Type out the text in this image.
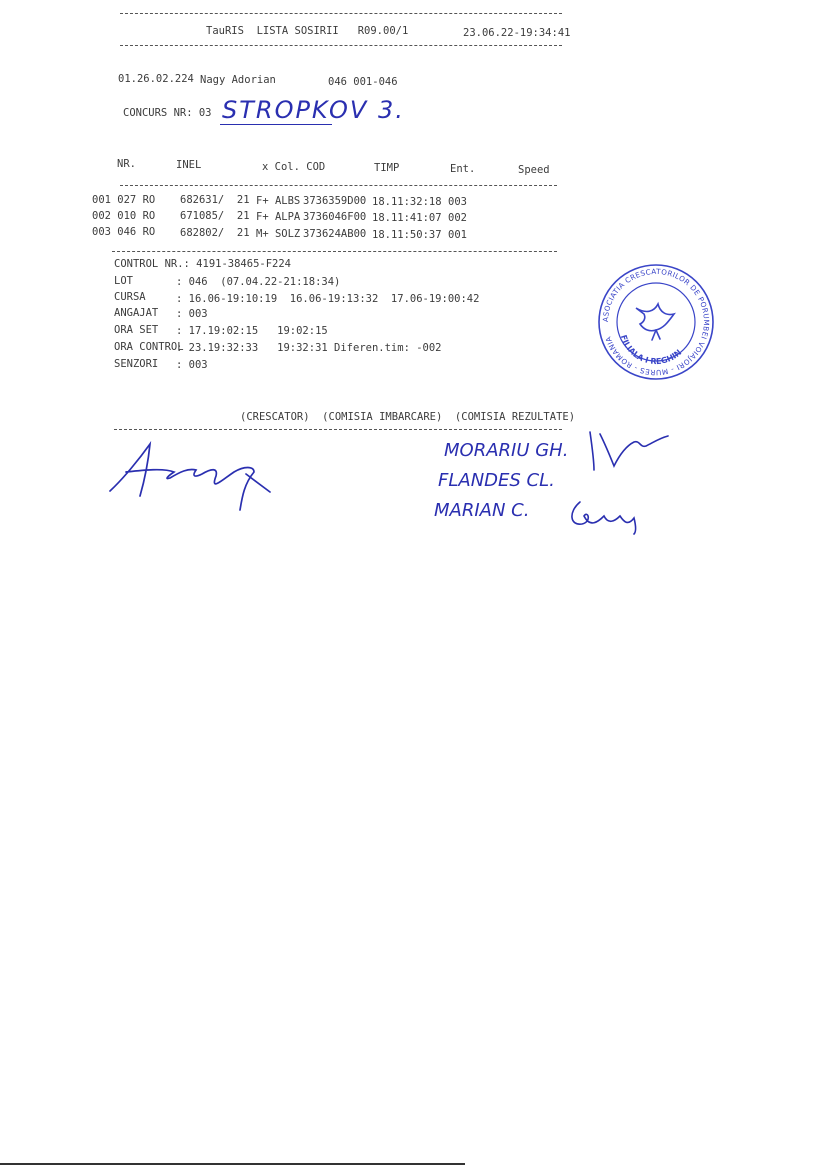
TauRIS  LISTA SOSIRII   R09.00/1	23.06.22-19:34:41
01.26.02.224 Nagy Adorian	046 001-046
CONCURS NR: 03 STROPKOV 3.
NR.	INEL	x Col. COD	TIMP	Ent.	Speed
001 027 RO 682631/  21 F+ ALBS 3736359D00 18.11:32:18 003
002 010 RO 671085/  21 F+ ALPA 3736046F00 18.11:41:07 002
003 046 RO 682802/  21 M+ SOLZ 373624AB00 18.11:50:37 001
CONTROL NR.: 4191-38465-F224
LOT	: 046  (07.04.22-21:18:34)
CURSA	: 16.06-19:10:19  16.06-19:13:32  17.06-19:00:42
ANGAJAT : 003
ORA SET : 17.19:02:15   19:02:15
ORA CONTROL
: 23.19:32:33   19:32:31 Diferen.tim: -002
SENZORI : 003
ASOCIATIA CRESCATORILOR DE PORUMBEI VOIAJORI - MURES - ROMANIA FILIALA I REGHIN
(CRESCATOR)  (COMISIA IMBARCARE)  (COMISIA REZULTATE)
MORARIU GH.
FLANDES CL.
MARIAN C.
